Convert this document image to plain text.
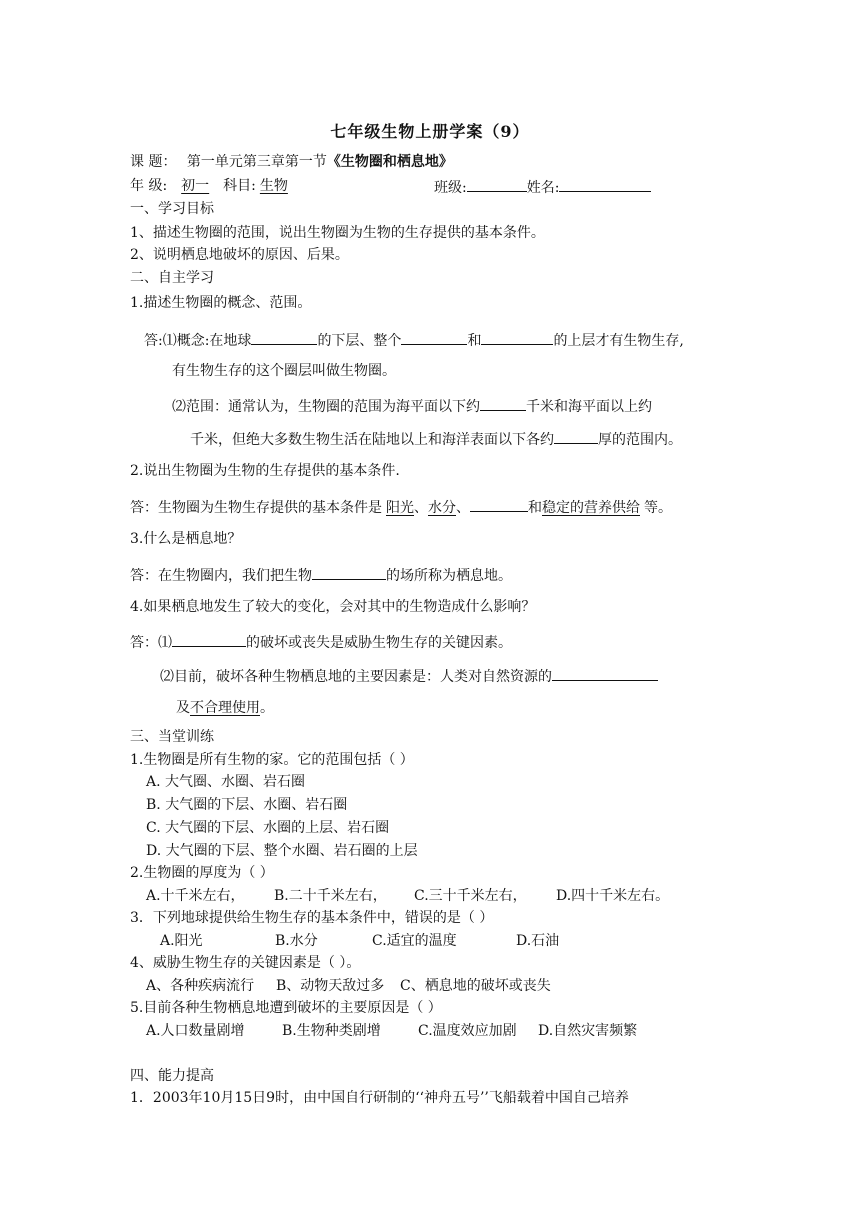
七年级生物上册学案（9）
课 题： 第一单元第三章第一节《生物圈和栖息地》
年 级: 初一 科目: 生物	班级:	姓名:
一、学习目标
1、描述生物圈的范围，说出生物圈为生物的生存提供的基本条件。
2、说明栖息地破坏的原因、后果。
二、自主学习
1.描述生物圈的概念、范围。
答:⑴概念:在地球	的下层、整个	和	的上层才有生物生存,
有生物生存的这个圈层叫做生物圈。
⑵范围：通常认为，生物圈的范围为海平面以下约	千米和海平面以上约
千米，但绝大多数生物生活在陆地以上和海洋表面以下各约	厚的范围内。
2.说出生物圈为生物的生存提供的基本条件.
答：生物圈为生物生存提供的基本条件是 阳光、水分、	和稳定的营养供给 等。
3.什么是栖息地？
答：在生物圈内，我们把生物	的场所称为栖息地。
4.如果栖息地发生了较大的变化，会对其中的生物造成什么影响？
答：⑴	的破坏或丧失是威胁生物生存的关键因素。
⑵目前，破坏各种生物栖息地的主要因素是：人类对自然资源的
及不合理使用。
三、当堂训练
1.生物圈是所有生物的家。它的范围包括（ ）
A. 大气圈、水圈、岩石圈
B. 大气圈的下层、水圈、岩石圈
C. 大气圈的下层、水圈的上层、岩石圈
D. 大气圈的下层、整个水圈、岩石圈的上层
2.生物圈的厚度为（ ）
A.十千米左右， B.二十千米左右， C.三十千米左右， D.四十千米左右。
3．下列地球提供给生物生存的基本条件中，错误的是（ ）
A.阳光	B.水分	C.适宜的温度	D.石油
4、威胁生物生存的关键因素是（ ）。
A、各种疾病流行 B、动物天敌过多 C、栖息地的破坏或丧失
5.目前各种生物栖息地遭到破坏的主要原因是（ ）
A.人口数量剧增	B.生物种类剧增	C.温度效应加剧 D.自然灾害频繁
四、能力提高
1．2003年10月15日9时，由中国自行研制的‘‘神舟五号’’飞船载着中国自己培养
